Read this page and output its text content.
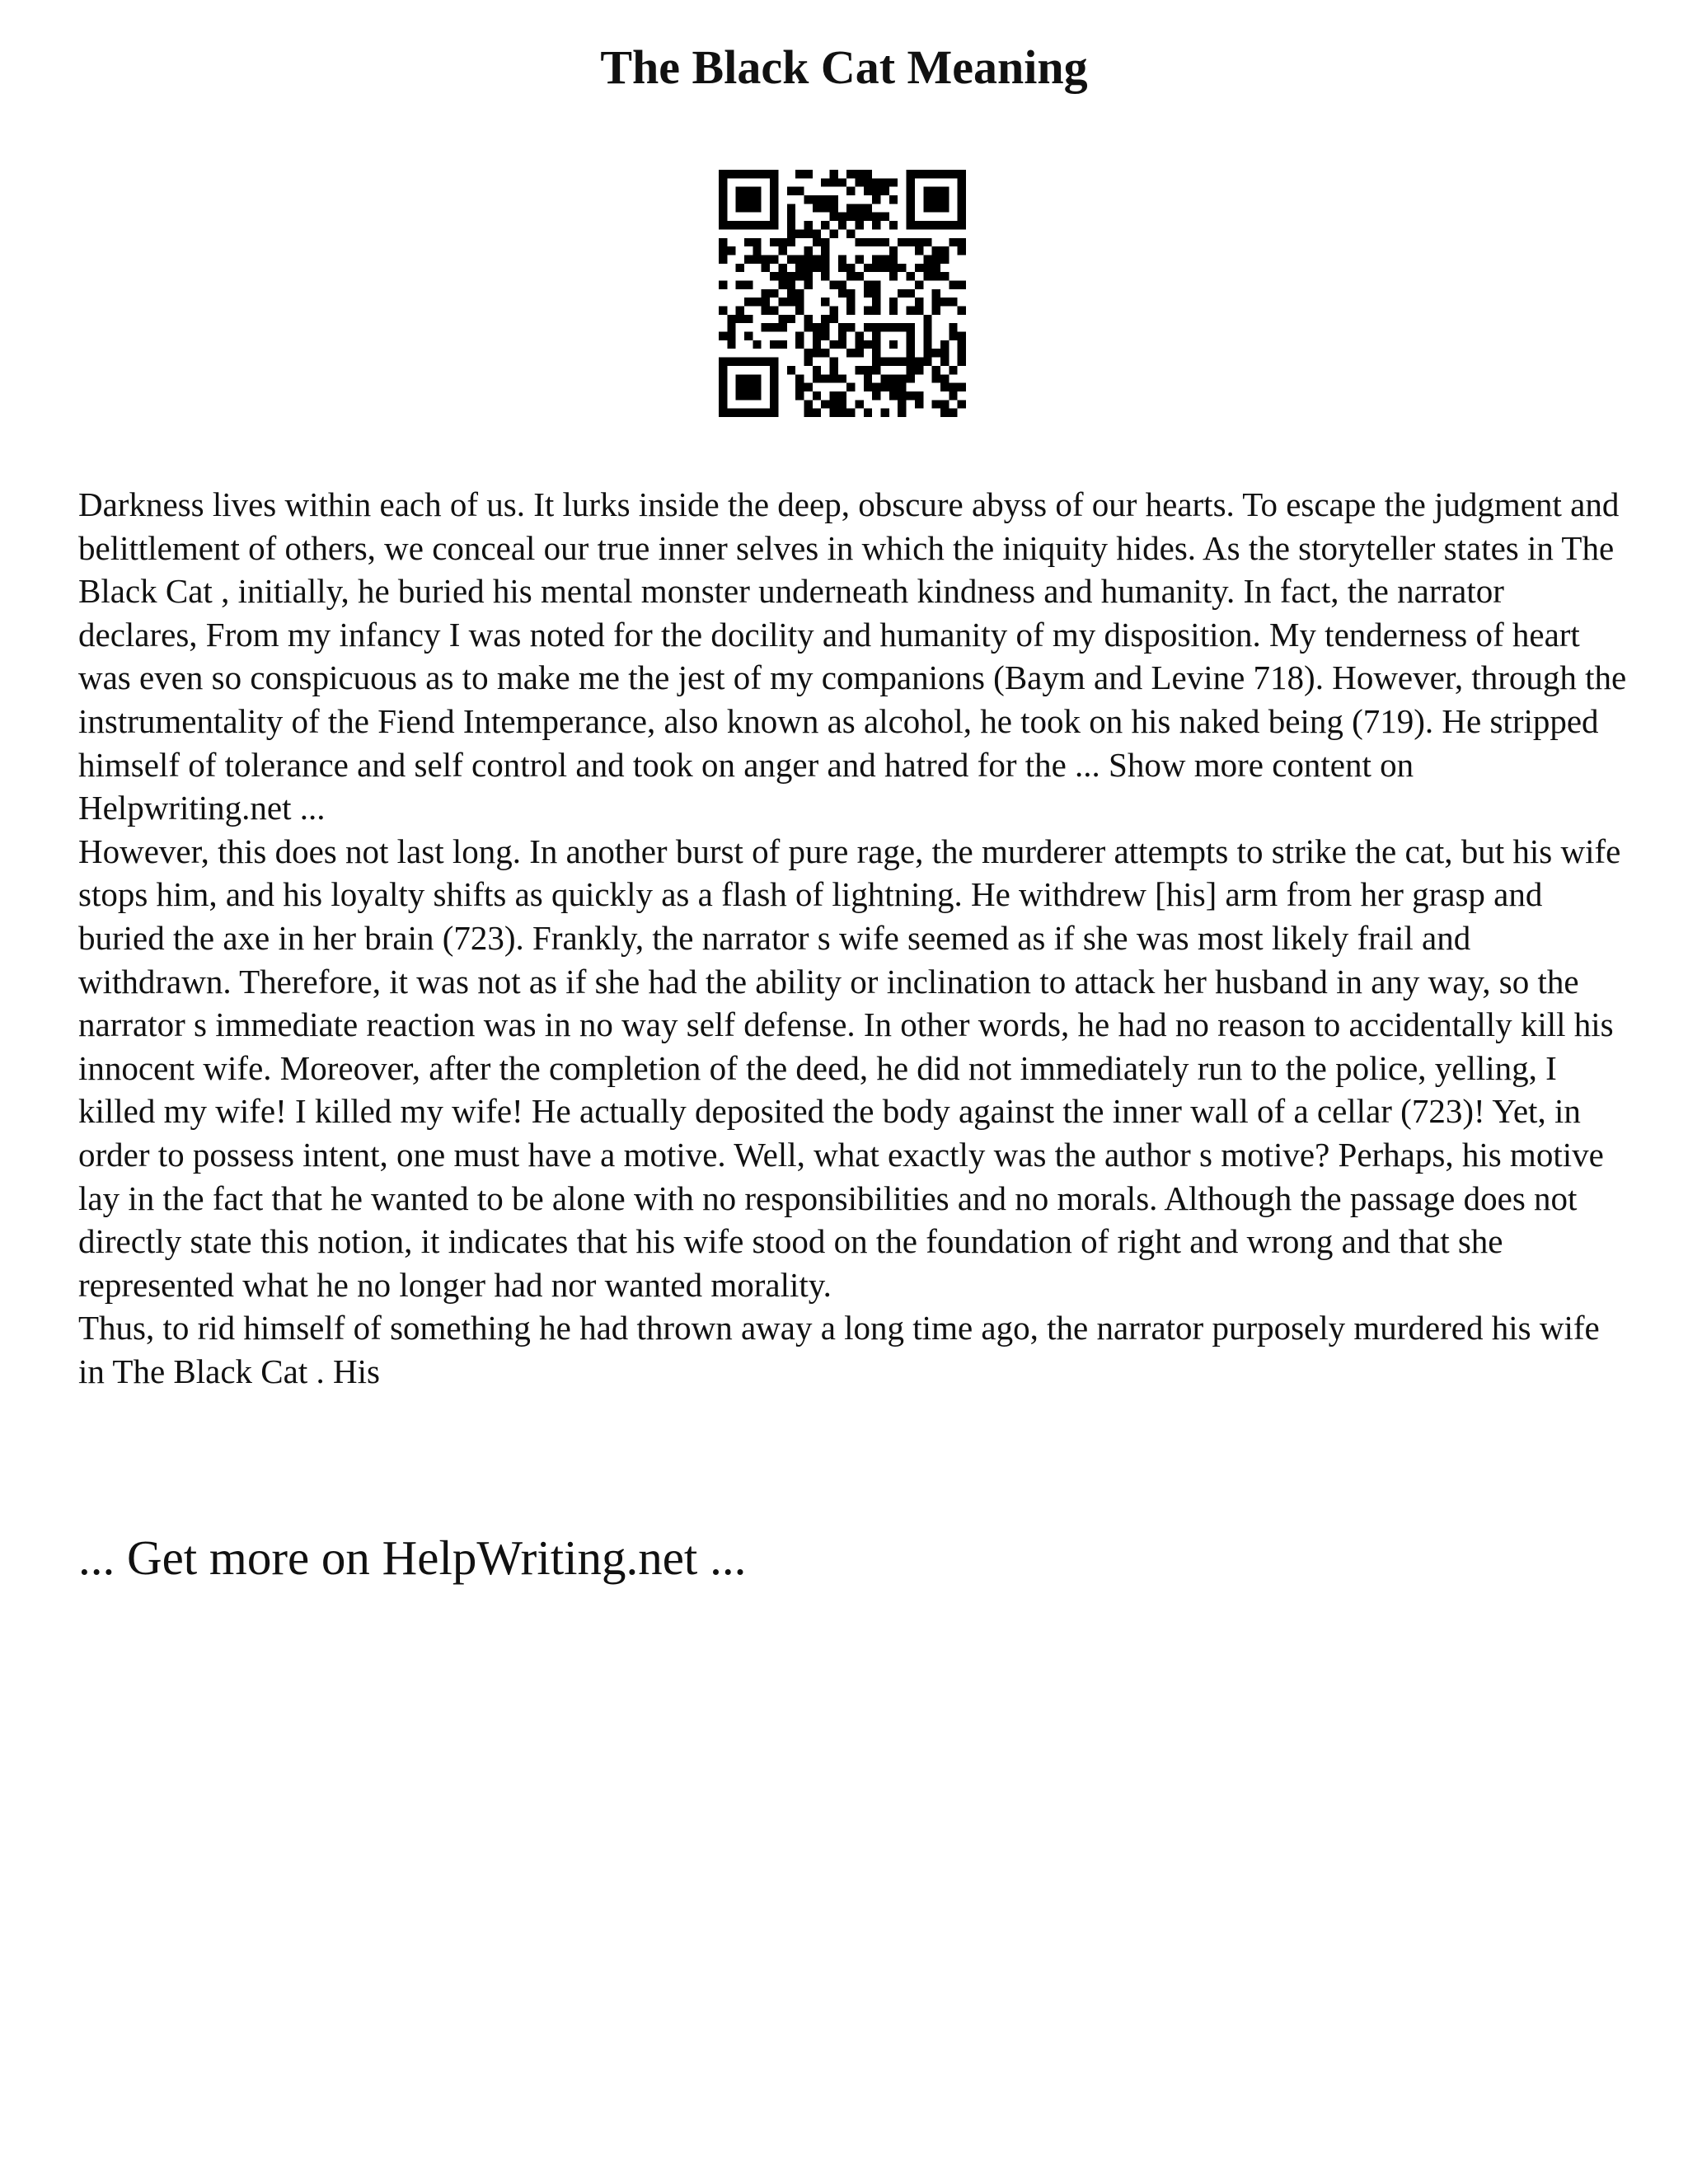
The Black Cat Meaning

Darkness lives within each of us. It lurks inside the deep, obscure abyss of our hearts. To escape the judgment and belittlement of others, we conceal our true inner selves in which the iniquity hides. As the storyteller states in The Black Cat , initially, he buried his mental monster underneath kindness and humanity. In fact, the narrator declares, From my infancy I was noted for the docility and humanity of my disposition. My tenderness of heart was even so conspicuous as to make me the jest of my companions (Baym and Levine 718). However, through the instrumentality of the Fiend Intemperance, also known as alcohol, he took on his naked being (719). He stripped himself of tolerance and self control and took on anger and hatred for the ... Show more content on Helpwriting.net ...

However, this does not last long. In another burst of pure rage, the murderer attempts to strike the cat, but his wife stops him, and his loyalty shifts as quickly as a flash of lightning. He withdrew [his] arm from her grasp and buried the axe in her brain (723). Frankly, the narrator s wife seemed as if she was most likely frail and withdrawn. Therefore, it was not as if she had the ability or inclination to attack her husband in any way, so the narrator s immediate reaction was in no way self defense. In other words, he had no reason to accidentally kill his innocent wife. Moreover, after the completion of the deed, he did not immediately run to the police, yelling, I killed my wife! I killed my wife! He actually deposited the body against the inner wall of a cellar (723)! Yet, in order to possess intent, one must have a motive. Well, what exactly was the author s motive? Perhaps, his motive lay in the fact that he wanted to be alone with no responsibilities and no morals. Although the passage does not directly state this notion, it indicates that his wife stood on the foundation of right and wrong and that she represented what he no longer had nor wanted morality.

Thus, to rid himself of something he had thrown away a long time ago, the narrator purposely murdered his wife in The Black Cat . His

... Get more on HelpWriting.net ...
